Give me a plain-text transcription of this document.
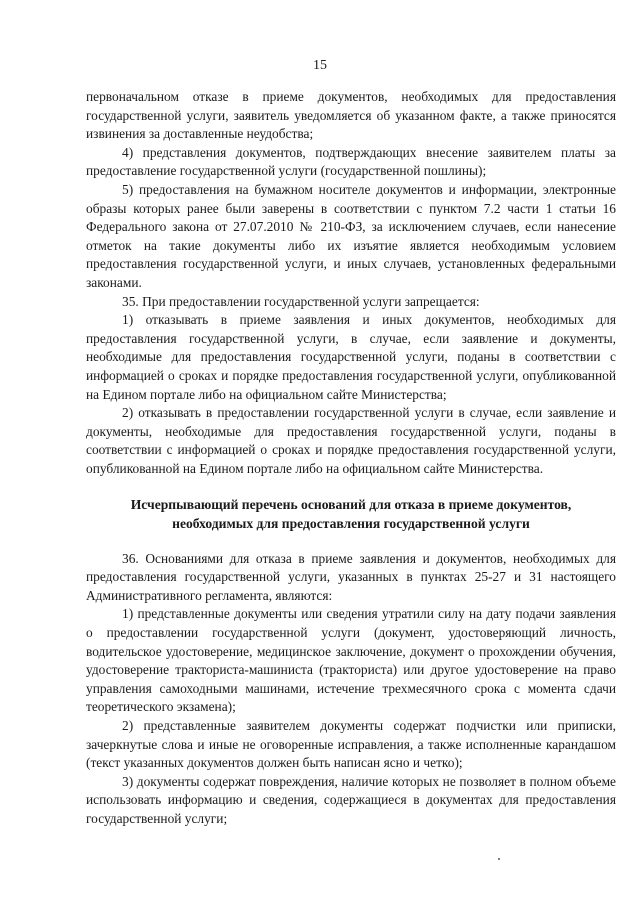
15

первоначальном отказе в приеме документов, необходимых для предоставления государственной услуги, заявитель уведомляется об указанном факте, а также приносятся извинения за доставленные неудобства;

4) представления документов, подтверждающих внесение заявителем платы за предоставление государственной услуги (государственной пошлины);

5) предоставления на бумажном носителе документов и информации, электронные образы которых ранее были заверены в соответствии с пунктом 7.2 части 1 статьи 16 Федерального закона от 27.07.2010 № 210-ФЗ, за исключением случаев, если нанесение отметок на такие документы либо их изъятие является необходимым условием предоставления государственной услуги, и иных случаев, установленных федеральными законами.

35. При предоставлении государственной услуги запрещается:

1) отказывать в приеме заявления и иных документов, необходимых для предоставления государственной услуги, в случае, если заявление и документы, необходимые для предоставления государственной услуги, поданы в соответствии с информацией о сроках и порядке предоставления государственной услуги, опубликованной на Едином портале либо на официальном сайте Министерства;

2) отказывать в предоставлении государственной услуги в случае, если заявление и документы, необходимые для предоставления государственной услуги, поданы в соответствии с информацией о сроках и порядке предоставления государственной услуги, опубликованной на Едином портале либо на официальном сайте Министерства.

Исчерпывающий перечень оснований для отказа в приеме документов,
необходимых для предоставления государственной услуги

36. Основаниями для отказа в приеме заявления и документов, необходимых для предоставления государственной услуги, указанных в пунктах 25-27 и 31 настоящего Административного регламента, являются:

1) представленные документы или сведения утратили силу на дату подачи заявления о предоставлении государственной услуги (документ, удостоверяющий личность, водительское удостоверение, медицинское заключение, документ о прохождении обучения, удостоверение тракториста-машиниста (тракториста) или другое удостоверение на право управления самоходными машинами, истечение трехмесячного срока с момента сдачи теоретического экзамена);

2) представленные заявителем документы содержат подчистки или приписки, зачеркнутые слова и иные не оговоренные исправления, а также исполненные карандашом (текст указанных документов должен быть написан ясно и четко);

3) документы содержат повреждения, наличие которых не позволяет в полном объеме использовать информацию и сведения, содержащиеся в документах для предоставления государственной услуги;
